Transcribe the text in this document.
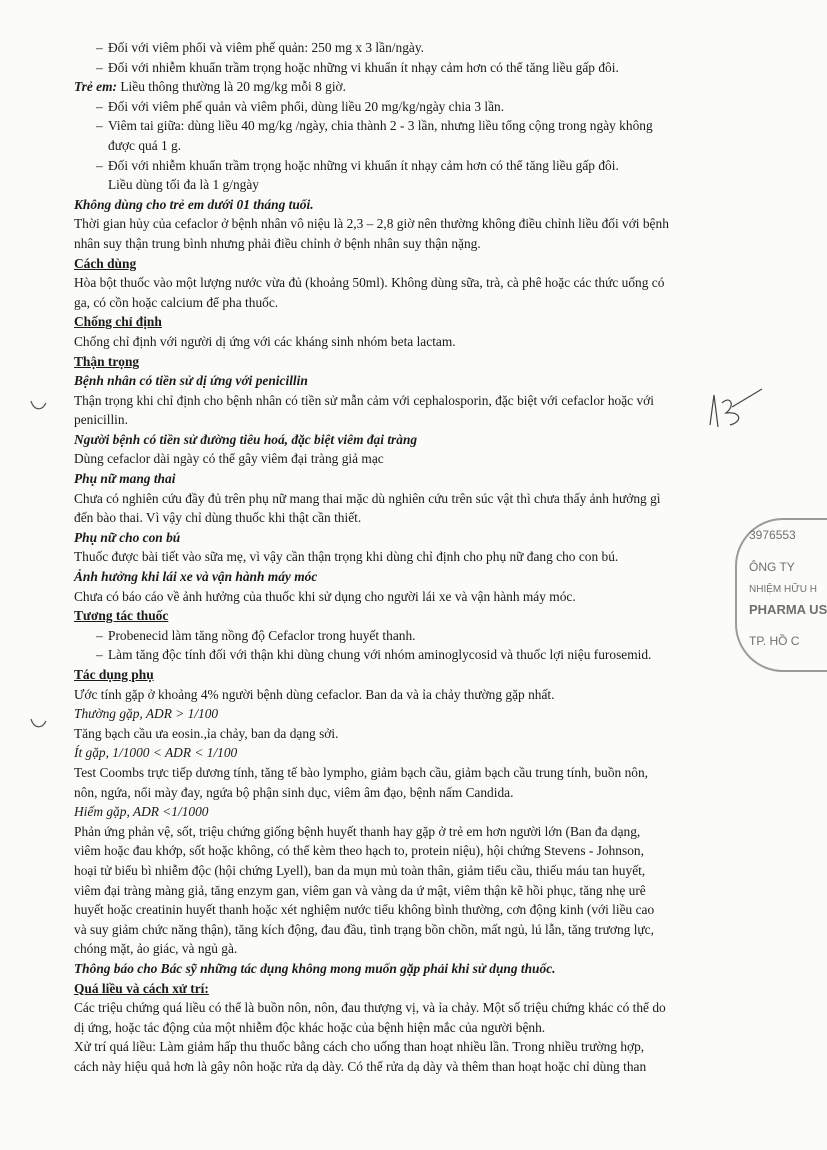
– Đối với viêm phổi và viêm phế quản: 250 mg x 3 lần/ngày.
– Đối với nhiễm khuẩn trầm trọng hoặc những vi khuẩn ít nhạy cảm hơn có thể tăng liều gấp đôi.
Trẻ em: Liều thông thường là 20 mg/kg mỗi 8 giờ.
– Đối với viêm phế quản và viêm phổi, dùng liều 20 mg/kg/ngày chia 3 lần.
– Viêm tai giữa: dùng liều 40 mg/kg /ngày, chia thành 2 - 3 lần, nhưng liều tổng cộng trong ngày không
được quá 1 g.
– Đối với nhiễm khuẩn trầm trọng hoặc những vi khuẩn ít nhạy cảm hơn có thể tăng liều gấp đôi.
Liều dùng tối đa là 1 g/ngày
Không dùng cho trẻ em dưới 01 tháng tuổi.
Thời gian hủy của cefaclor ở bệnh nhân vô niệu là 2,3 – 2,8 giờ nên thường không điều chỉnh liều đối với bệnh
nhân suy thận trung bình nhưng phải điều chỉnh ở bệnh nhân suy thận nặng.
Cách dùng
Hòa bột thuốc vào một lượng nước vừa đủ (khoảng 50ml). Không dùng sữa, trà, cà phê hoặc các thức uống có
ga, có cồn hoặc calcium để pha thuốc.
Chống chỉ định
Chống chỉ định với người dị ứng với các kháng sinh nhóm beta lactam.
Thận trọng
Bệnh nhân có tiền sử dị ứng với penicillin
Thận trọng khi chỉ định cho bệnh nhân có tiền sử mẫn cảm với cephalosporin, đặc biệt với cefaclor hoặc với
penicillin.
Người bệnh có tiền sử đường tiêu hoá, đặc biệt viêm đại tràng
Dùng cefaclor dài ngày có thể gây viêm đại tràng giả mạc
Phụ nữ mang thai
Chưa có nghiên cứu đầy đủ trên phụ nữ mang thai mặc dù nghiên cứu trên súc vật thì chưa thấy ảnh hưởng gì
đến bào thai. Vì vậy chỉ dùng thuốc khi thật cần thiết.
Phụ nữ cho con bú
Thuốc được bài tiết vào sữa mẹ, vì vậy cần thận trọng khi dùng chỉ định cho phụ nữ đang cho con bú.
Ảnh hưởng khi lái xe và vận hành máy móc
Chưa có báo cáo về ảnh hưởng của thuốc khi sử dụng cho người lái xe và vận hành máy móc.
Tương tác thuốc
– Probenecid làm tăng nồng độ Cefaclor trong huyết thanh.
– Làm tăng độc tính đối với thận khi dùng chung với nhóm aminoglycosid và thuốc lợi niệu furosemid.
Tác dụng phụ
Ước tính gặp ở khoảng 4% người bệnh dùng cefaclor. Ban da và ỉa chảy thường gặp nhất.
Thường gặp, ADR > 1/100
Tăng bạch cầu ưa eosin.,ỉa chảy, ban da dạng sởi.
Ít gặp, 1/1000 < ADR < 1/100
Test Coombs trực tiếp dương tính, tăng tế bào lympho, giảm bạch cầu, giảm bạch cầu trung tính, buồn nôn,
nôn, ngứa, nổi mày đay, ngứa bộ phận sinh dục, viêm âm đạo, bệnh nấm Candida.
Hiếm gặp, ADR <1/1000
Phản ứng phản vệ, sốt, triệu chứng giống bệnh huyết thanh hay gặp ở trẻ em hơn người lớn (Ban đa dạng,
viêm hoặc đau khớp, sốt hoặc không, có thể kèm theo hạch to, protein niệu), hội chứng Stevens - Johnson,
hoại tử biểu bì nhiễm độc (hội chứng Lyell), ban da mụn mủ toàn thân, giảm tiểu cầu, thiếu máu tan huyết,
viêm đại tràng màng giả, tăng enzym gan, viêm gan và vàng da ứ mật, viêm thận kẽ hồi phục, tăng nhẹ urê
huyết hoặc creatinin huyết thanh hoặc xét nghiệm nước tiểu không bình thường, cơn động kinh (với liều cao
và suy giảm chức năng thận), tăng kích động, đau đầu, tình trạng bồn chồn, mất ngủ, lú lẫn, tăng trương lực,
chóng mặt, ảo giác, và ngủ gà.
Thông báo cho Bác sỹ những tác dụng không mong muốn gặp phải khi sử dụng thuốc.
Quá liều và cách xử trí:
Các triệu chứng quá liều có thể là buồn nôn, nôn, đau thượng vị, và ỉa chảy. Một số triệu chứng khác có thể do
dị ứng, hoặc tác động của một nhiễm độc khác hoặc của bệnh hiện mắc của người bệnh.
Xử trí quá liều: Làm giảm hấp thu thuốc bằng cách cho uống than hoạt nhiều lần. Trong nhiều trường hợp,
cách này hiệu quả hơn là gây nôn hoặc rửa dạ dày. Có thể rửa dạ dày và thêm than hoạt hoặc chỉ dùng than
3976553
ÔNG TY
NHIỆM HỮU H
PHARMA US
TP. HỒ C
